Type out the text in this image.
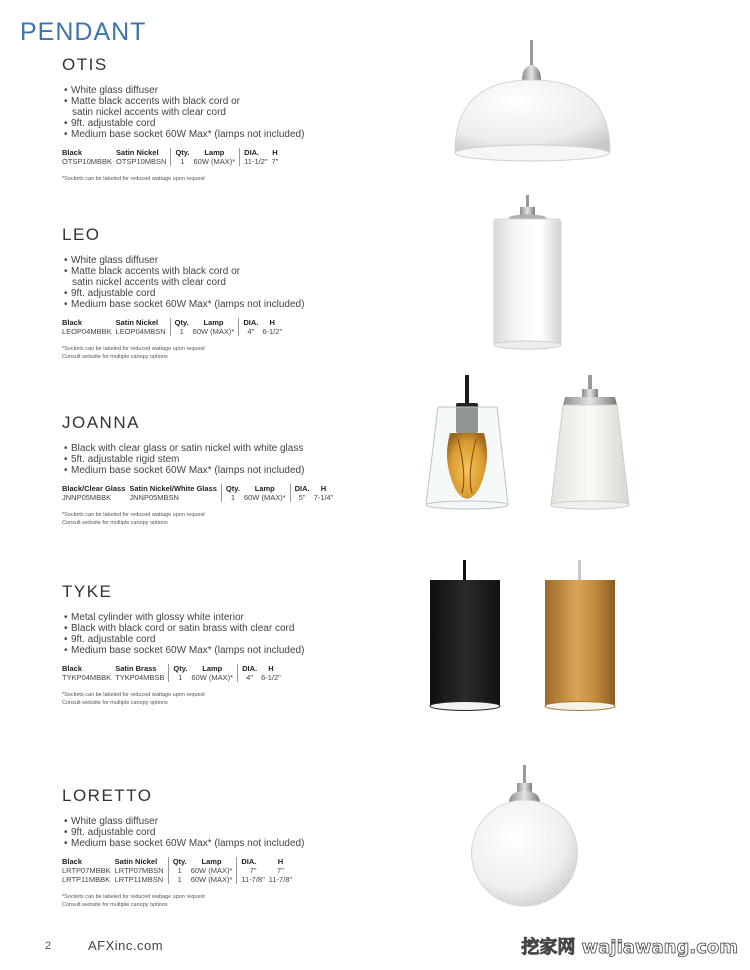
PENDANT
OTIS
• White glass diffuser
• Matte black accents with black cord or
satin nickel accents with clear cord
• 9ft. adjustable cord
• Medium base socket 60W Max* (lamps not included)
Black	Satin Nickel	Qty.	Lamp	DIA.	H
OTSP10MBBK	OTSP10MBSN	1	60W (MAX)*	11-1/2"	7"
*Sockets can be labeled for reduced wattage upon request
LEO
• White glass diffuser
• Matte black accents with black cord or
satin nickel accents with clear cord
• 9ft. adjustable cord
• Medium base socket 60W Max* (lamps not included)
Black	Satin Nickel	Qty.	Lamp	DIA.	H
LEOP04MBBK	LEOP04MBSN	1	60W (MAX)*	4"	6-1/2"
*Sockets can be labeled for reduced wattage upon request
Consult website for multiple canopy options
JOANNA
• Black with clear glass or satin nickel with white glass
• 5ft. adjustable rigid stem
• Medium base socket 60W Max* (lamps not included)
Black/Clear Glass	Satin Nickel/White Glass	Qty.	Lamp	DIA.	H
JNNP05MBBK	JNNP05MBSN	1	60W (MAX)*	5"	7-1/4"
*Sockets can be labeled for reduced wattage upon request
Consult website for multiple canopy options
TYKE
• Metal cylinder with glossy white interior
• Black with black cord or satin brass with clear cord
• 9ft. adjustable cord
• Medium base socket 60W Max* (lamps not included)
Black	Satin Brass	Qty.	Lamp	DIA.	H
TYKP04MBBK	TYKP04MBSB	1	60W (MAX)*	4"	6-1/2"
*Sockets can be labeled for reduced wattage upon request
Consult website for multiple canopy options
LORETTO
• White glass diffuser
• 9ft. adjustable cord
• Medium base socket 60W Max* (lamps not included)
Black	Satin Nickel	Qty.	Lamp	DIA.	H
LRTP07MBBK	LRTP07MBSN	1	60W (MAX)*	7"	7"
LRTP11MBBK	LRTP11MBSN	1	60W (MAX)*	11-7/8"	11-7/8"
*Sockets can be labeled for reduced wattage upon request
Consult website for multiple canopy options
2	AFXinc.com	挖家网 wajiawang.com
